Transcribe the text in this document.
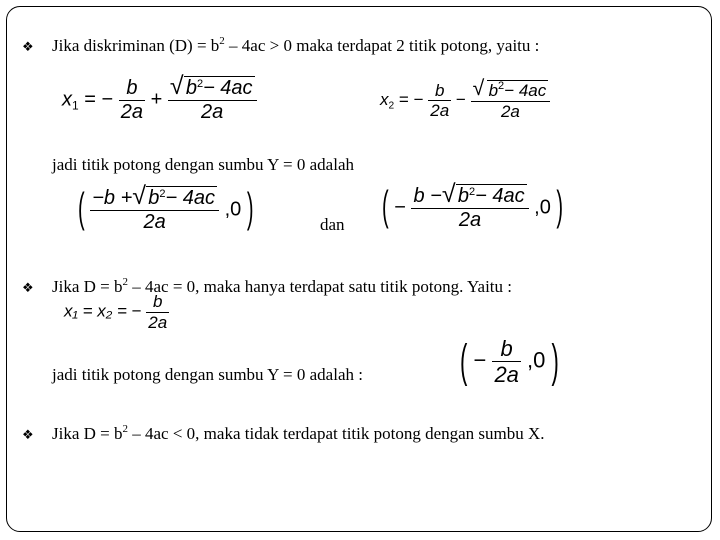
❖ Jika diskriminan $(D) = b^2 - 4ac > 0$ maka terdapat 2 titik potong, yaitu :
$x_1$ = − $\frac{b}{2a} + \frac{√ b^2- 4ac}{2a}$	$x_2$ = − $\frac{b}{2a} - \frac{√ b^2- 4ac}{2a}$
jadi titik potong dengan sumbu Y = 0 adalah
( $\frac{-b + √ b^2- 4ac}{2a} ,0$ )	dan ( − $\frac{b - √ b^2- 4ac}{2a} ,0$ )
❖ Jika $D = b^2 - 4ac = 0$, maka hanya terdapat satu titik potong. Yaitu :
x₁ = x₂ = − $\frac{b}{2a}$
jadi titik potong dengan sumbu Y = 0 adalah :	( − $\frac{b}{2a} ,0$ )
❖ Jika $D = b^2 - 4ac < 0$, maka tidak terdapat titik potong dengan sumbu X.
